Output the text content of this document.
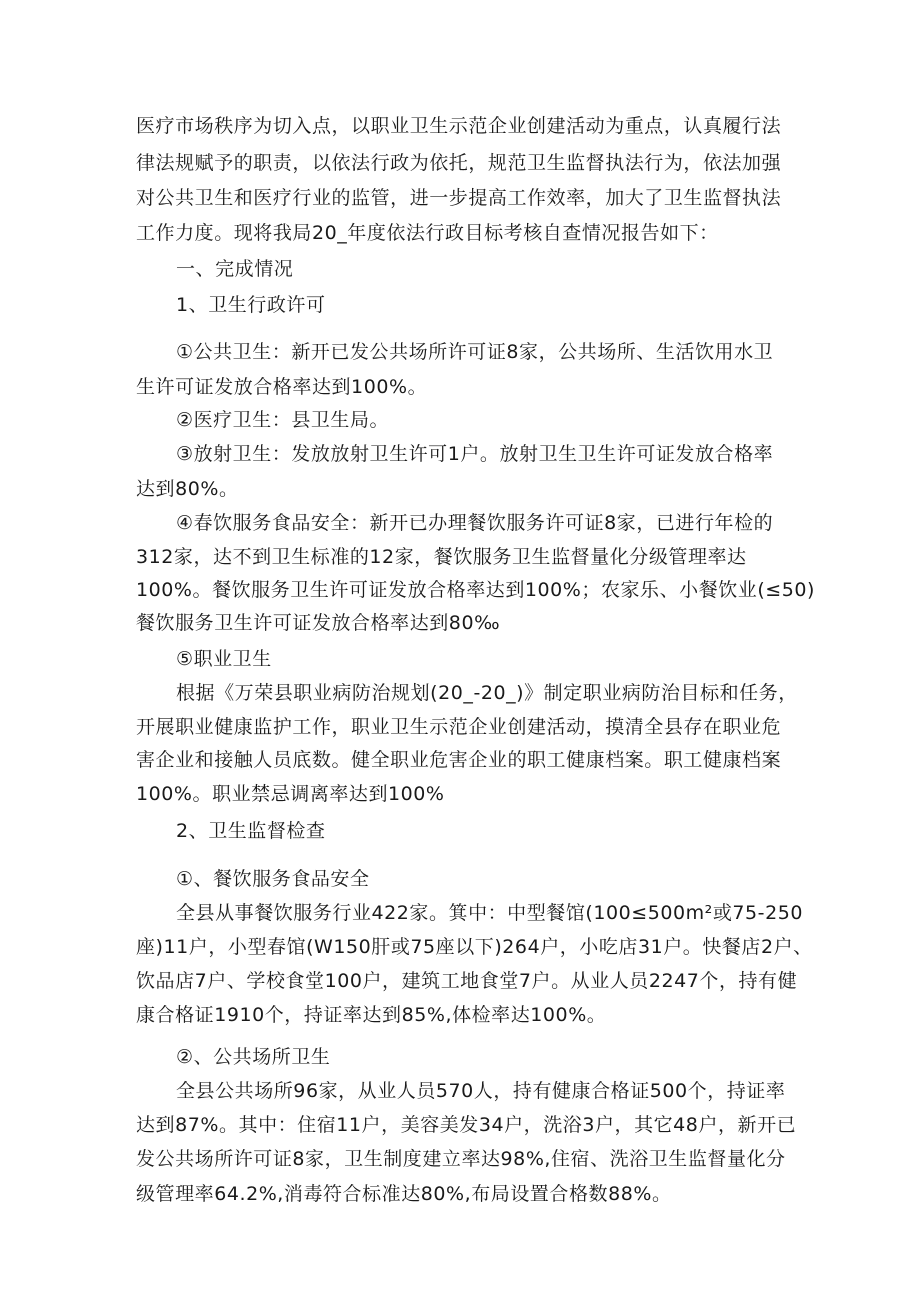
医疗市场秩序为切入点，以职业卫生示范企业创建活动为重点，认真履行法
律法规赋予的职责，以依法行政为依托，规范卫生监督执法行为，依法加强
对公共卫生和医疗行业的监管，进一步提高工作效率，加大了卫生监督执法
工作力度。现将我局20_年度依法行政目标考核自查情况报告如下：
一、完成情况
1、卫生行政许可
①公共卫生：新开已发公共场所许可证8家，公共场所、生活饮用水卫
生许可证发放合格率达到100%。
②医疗卫生：县卫生局。
③放射卫生：发放放射卫生许可1户。放射卫生卫生许可证发放合格率
达到80%。
④春饮服务食品安全：新开已办理餐饮服务许可证8家，已进行年检的
312家，达不到卫生标准的12家，餐饮服务卫生监督量化分级管理率达
100%。餐饮服务卫生许可证发放合格率达到100%；农家乐、小餐饮业(≤50)
餐饮服务卫生许可证发放合格率达到80‰
⑤职业卫生
根据《万荣县职业病防治规划(20_-20_)》制定职业病防治目标和任务，
开展职业健康监护工作，职业卫生示范企业创建活动，摸清全县存在职业危
害企业和接触人员底数。健全职业危害企业的职工健康档案。职工健康档案
100%。职业禁忌调离率达到100%
2、卫生监督检查
①、餐饮服务食品安全
全县从事餐饮服务行业422家。箕中：中型餐馆(100≤500m²或75-250
座)11户，小型春馆(W150肝或75座以下)264户，小吃店31户。快餐店2户、
饮品店7户、学校食堂100户，建筑工地食堂7户。从业人员2247个，持有健
康合格证1910个，持证率达到85%,体检率达100%。
②、公共场所卫生
全县公共场所96家，从业人员570人，持有健康合格证500个，持证率
达到87%。其中：住宿11户，美容美发34户，洗浴3户，其它48户，新开已
发公共场所许可证8家，卫生制度建立率达98%,住宿、洗浴卫生监督量化分
级管理率64.2%,消毒符合标准达80%,布局设置合格数88%。
